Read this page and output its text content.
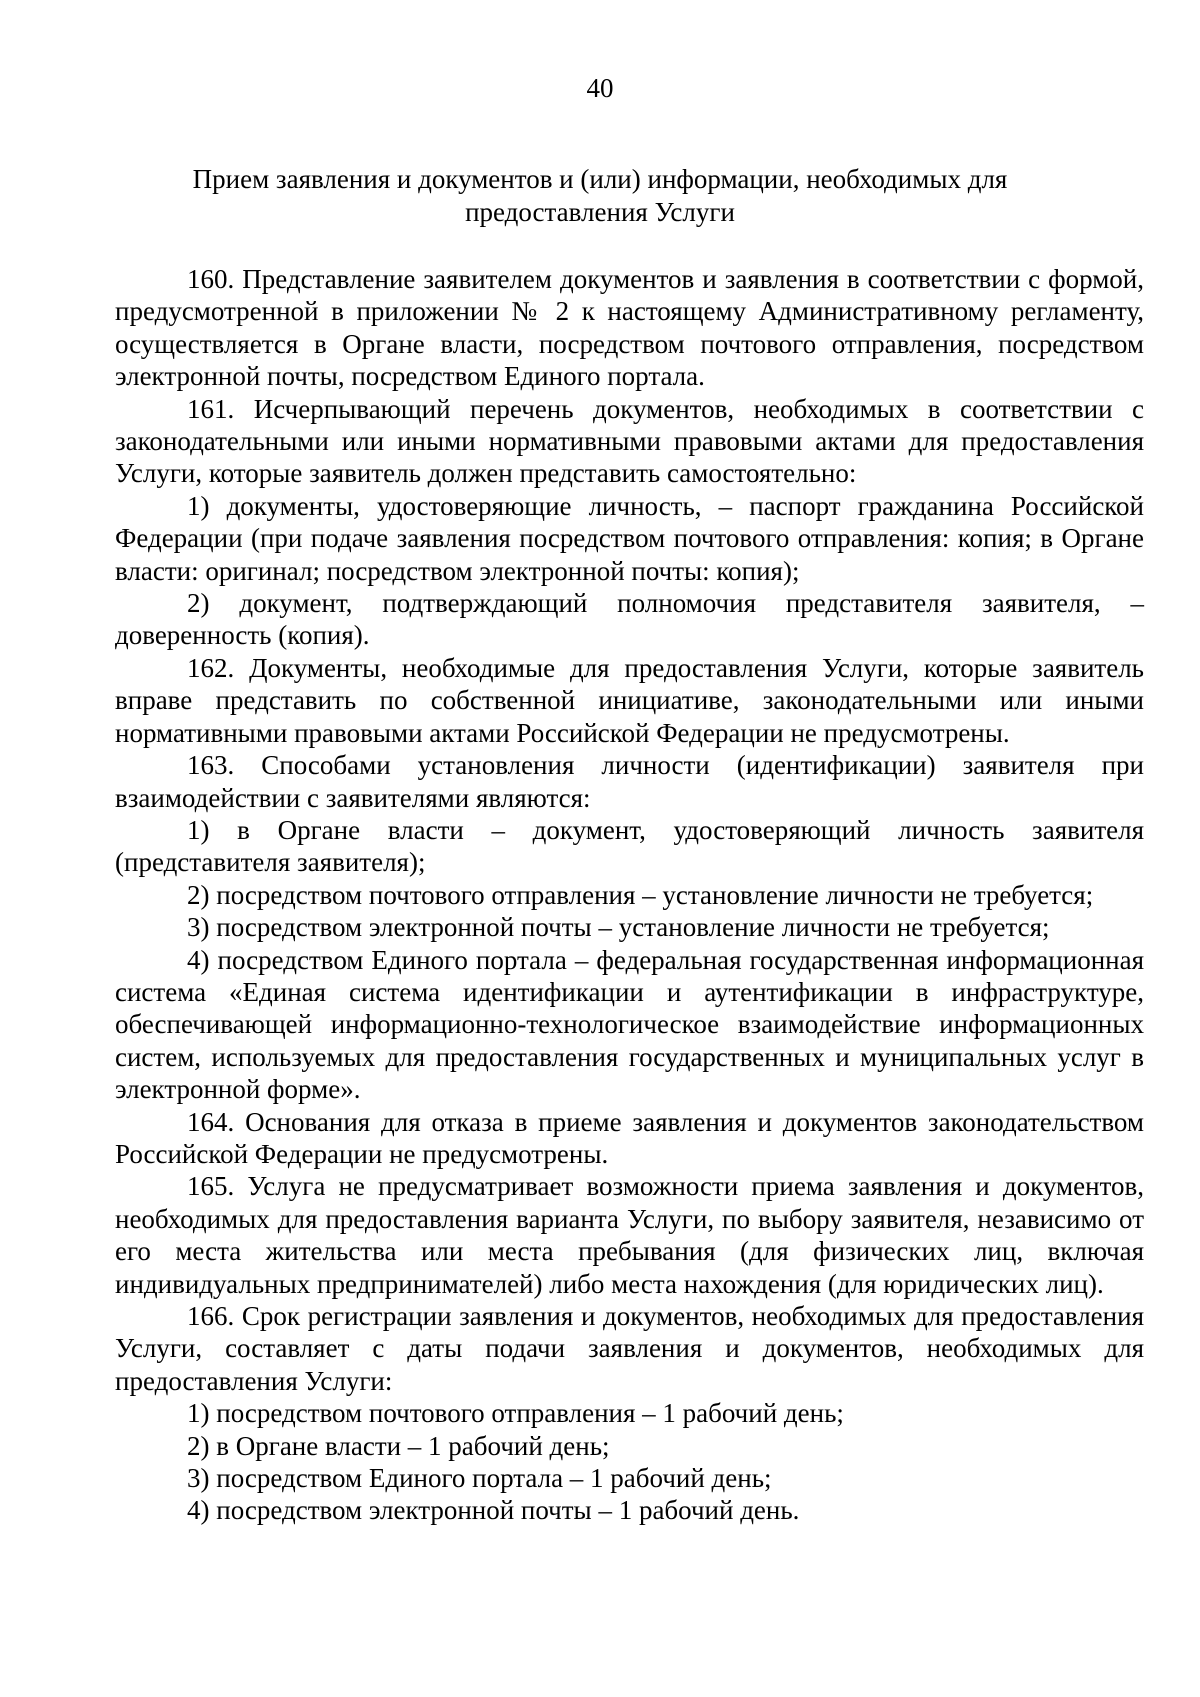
40
Прием заявления и документов и (или) информации, необходимых для
предоставления Услуги

160. Представление заявителем документов и заявления в соответствии с формой, предусмотренной в приложении № 2 к настоящему Административному регламенту, осуществляется в Органе власти, посредством почтового отправления, посредством электронной почты, посредством Единого портала.

161. Исчерпывающий перечень документов, необходимых в соответствии с законодательными или иными нормативными правовыми актами для предоставления Услуги, которые заявитель должен представить самостоятельно:

1) документы, удостоверяющие личность, – паспорт гражданина Российской Федерации (при подаче заявления посредством почтового отправления: копия; в Органе власти: оригинал; посредством электронной почты: копия);

2) документ, подтверждающий полномочия представителя заявителя, – доверенность (копия).

162. Документы, необходимые для предоставления Услуги, которые заявитель вправе представить по собственной инициативе, законодательными или иными нормативными правовыми актами Российской Федерации не предусмотрены.

163. Способами установления личности (идентификации) заявителя при взаимодействии с заявителями являются:

1) в Органе власти – документ, удостоверяющий личность заявителя (представителя заявителя);

2) посредством почтового отправления – установление личности не требуется;

3) посредством электронной почты – установление личности не требуется;

4) посредством Единого портала – федеральная государственная информационная система «Единая система идентификации и аутентификации в инфраструктуре, обеспечивающей информационно-технологическое взаимодействие информационных систем, используемых для предоставления государственных и муниципальных услуг в электронной форме».

164. Основания для отказа в приеме заявления и документов законодательством Российской Федерации не предусмотрены.

165. Услуга не предусматривает возможности приема заявления и документов, необходимых для предоставления варианта Услуги, по выбору заявителя, независимо от его места жительства или места пребывания (для физических лиц, включая индивидуальных предпринимателей) либо места нахождения (для юридических лиц).

166. Срок регистрации заявления и документов, необходимых для предоставления Услуги, составляет с даты подачи заявления и документов, необходимых для предоставления Услуги:

1) посредством почтового отправления – 1 рабочий день;

2) в Органе власти – 1 рабочий день;

3) посредством Единого портала – 1 рабочий день;

4) посредством электронной почты – 1 рабочий день.
